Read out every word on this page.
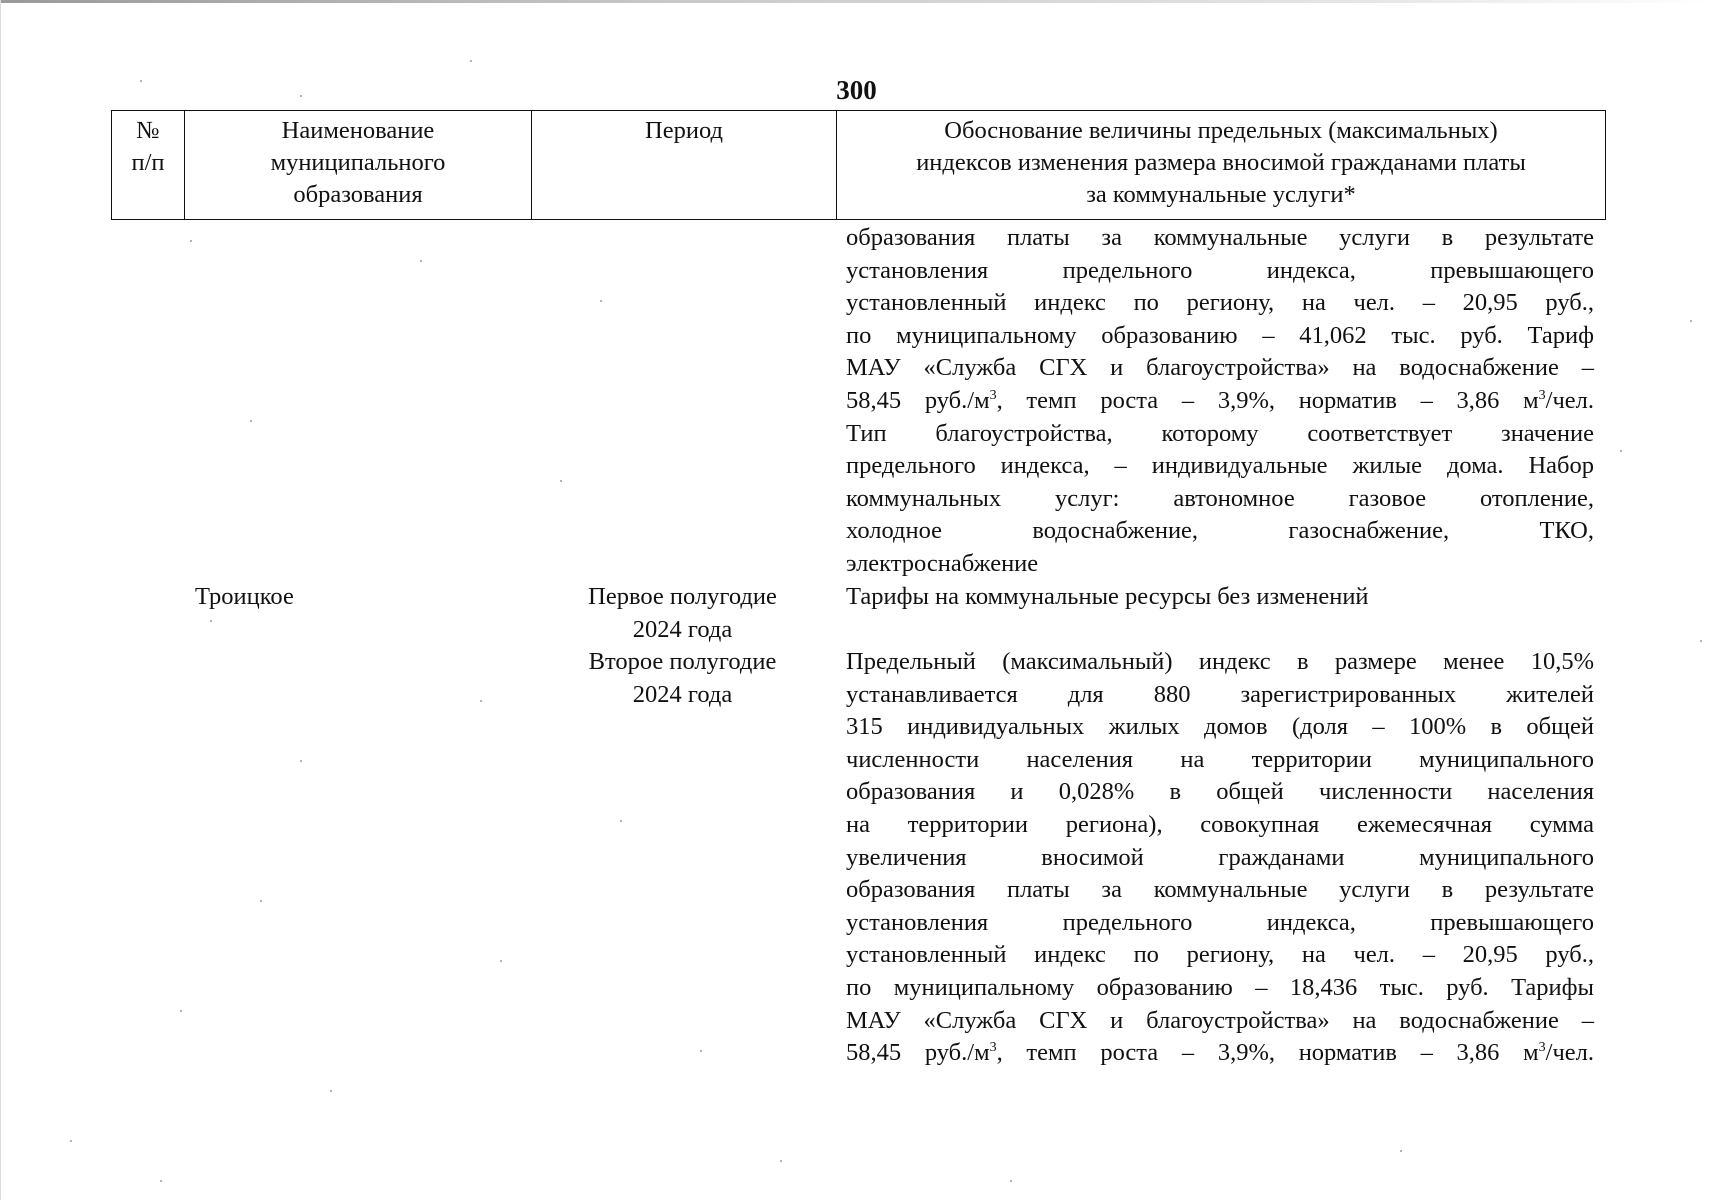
300
№
п/п
Наименование
муниципального
образования
Период	Обоснование величины предельных (максимальных)
индексов изменения размера вносимой гражданами платы
за коммунальные услуги*
образования платы за коммунальные услуги в результате
установления предельного индекса, превышающего
установленный индекс по региону, на чел. – 20,95 руб.,
по муниципальному образованию – 41,062 тыс. руб. Тариф
МАУ «Служба СГХ и благоустройства» на водоснабжение –
58,45 $руб./м^3$, темп роста – 3,9%, норматив – 3,86 $м^3$/чел.
Тип благоустройства, которому соответствует значение
предельного индекса, – индивидуальные жилые дома. Набор
коммунальных услуг: автономное газовое отопление,
холодное водоснабжение, газоснабжение, ТКО,
электроснабжение
Троицкое	Первое полугодие
2024 года
Тарифы на коммунальные ресурсы без изменений
Второе полугодие
2024 года
Предельный (максимальный) индекс в размере менее 10,5%
устанавливается для 880 зарегистрированных жителей
315 индивидуальных жилых домов (доля – 100% в общей
численности населения на территории муниципального
образования и 0,028% в общей численности населения
на территории региона), совокупная ежемесячная сумма
увеличения вносимой гражданами муниципального
образования платы за коммунальные услуги в результате
установления предельного индекса, превышающего
установленный индекс по региону, на чел. – 20,95 руб.,
по муниципальному образованию – 18,436 тыс. руб. Тарифы
МАУ «Служба СГХ и благоустройства» на водоснабжение –
58,45 $руб./м^3$, темп роста – 3,9%, норматив – 3,86 $м^3$/чел.
